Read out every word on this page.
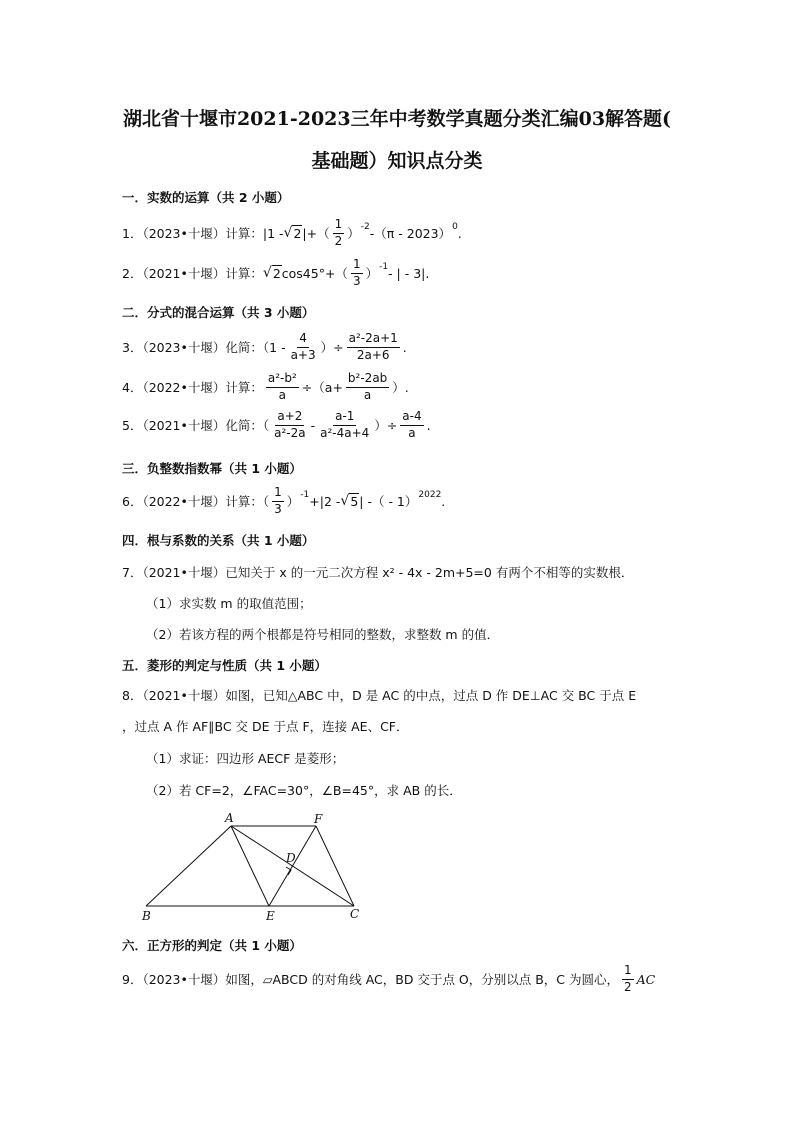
湖北省十堰市2021-2023三年中考数学真题分类汇编03解答题(
基础题）知识点分类
一．实数的运算（共 2 小题）
1．（2023•十堰）计算：|1 - √ 2 |+（ $\frac{1}{2}$ ） -2 -（π - 2023） 0 .
2．（2021•十堰）计算： √ 2 $\cos 45^\circ+( \frac{1}{3}$ ） -1 - | - 3|.
二．分式的混合运算（共 3 小题）
3．（2023•十堰）化简：（$1 - \frac{4}{a+3}$ ）÷ $\frac{\text{a²-2a+1}}{2a+6}$ .
4．（2022•十堰）计算： $\frac{\text{a²-b²}}{a} \div(a+ \frac{\text{b²-2ab}}{a}$ ）.
5．（2021•十堰）化简：（ $\frac{a+2}{\text{a²-2a}} - \frac{a-1}{\text{a²-4a+4}}$ ）÷ $\frac{a-4}{a}$ .
三．负整数指数幂（共 1 小题）
6．（2022•十堰）计算：（ $\frac{1}{3}$ ） -1 +|2 - √ 5 | -（ - 1） 2022 .
四．根与系数的关系（共 1 小题）
7．（2021•十堰）已知关于 x 的一元二次方程 x² - 4x - 2m+5=0 有两个不相等的实数根．
（1）求实数 m 的取值范围；
（2）若该方程的两个根都是符号相同的整数，求整数 m 的值．
五．菱形的判定与性质（共 1 小题）
8．（2021•十堰）如图，已知△ABC 中，D 是 AC 的中点，过点 D 作 DE⊥AC 交 BC 于点 E
，过点 A 作 AF∥BC 交 DE 于点 F，连接 AE、CF．
（1）求证：四边形 AECF 是菱形；
（2）若 CF=2，∠FAC=30°，∠B=45°，求 AB 的长．
A	F
D
B	E	C
六．正方形的判定（共 1 小题）
9．（2023•十堰）如图，▱ABCD 的对角线 AC，BD 交于点 O，分别以点 B，C 为圆心， $\frac{1}{2}$ AC
